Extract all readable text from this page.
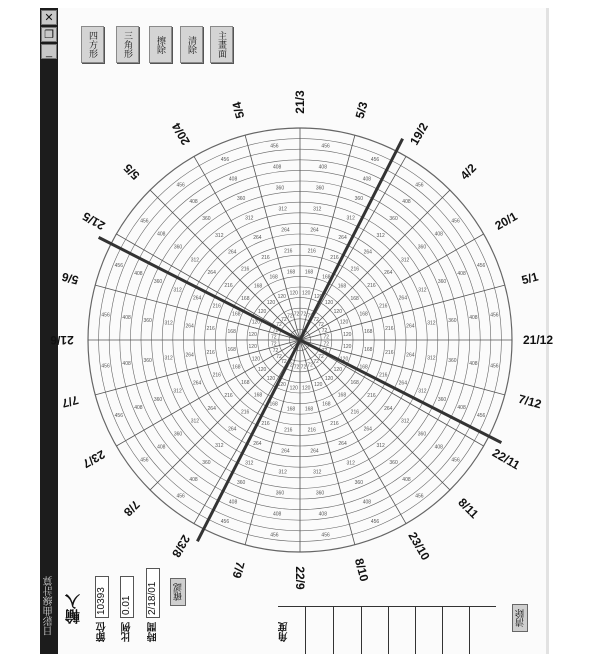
日影曲線計算
✕
❐
_	四方形	三角形	擦除	清除	主畫面
72
120
168
216
264
312
360
408
456
72
120
168
216
264
312
360
408
456
72
120
168
216
264
312
360
408
456
72
120
168
216
264
312
360
408
456
72
120
168
216
264
312
360
408
456
72	120	168	216	264	312	360	408	456
72	120	168	216	264	312	360	408	456
72
120
168
216
264
312
360
408
456
72
120
168
216
264
312
360
408
456
72
120
168
216
264
312
360
408
456
72
120
168
216
264
312
360
408
456
72
120
168
216
264
312
360
408
456
72
120
168
216
264
312
360
408
456
72
120
168
216
264
312
360
408
456
72
120
168
216
264
312
360
408
456
72
120
168
216
264
312
360
408
456
72
120
168
216
264
312
360
408
456
72
120
168
216
264
312
360
408
456
72
120
168
216
264
312
360
408
456
72
120
168
216
264
312
360
408
456
72
120
168
216
264
312
360
408
456
72
120
168
216
264
312
360
408
456
72
120
168
216
264
312
360
408
456
72
120
168
216
264
312
360
408
456
21/3	5/3
19/2
4/2
20/1
5/1
21/12
7/12
22/11
8/11
23/10
8/10
22/9
7/9
23/8
7/8
23/7
7/7
21/6
5/6
21/5
5/5
20/4
5/4
輸入
節位
10393
比例
0.01
時間
2/18/01	確認
角度
清除
